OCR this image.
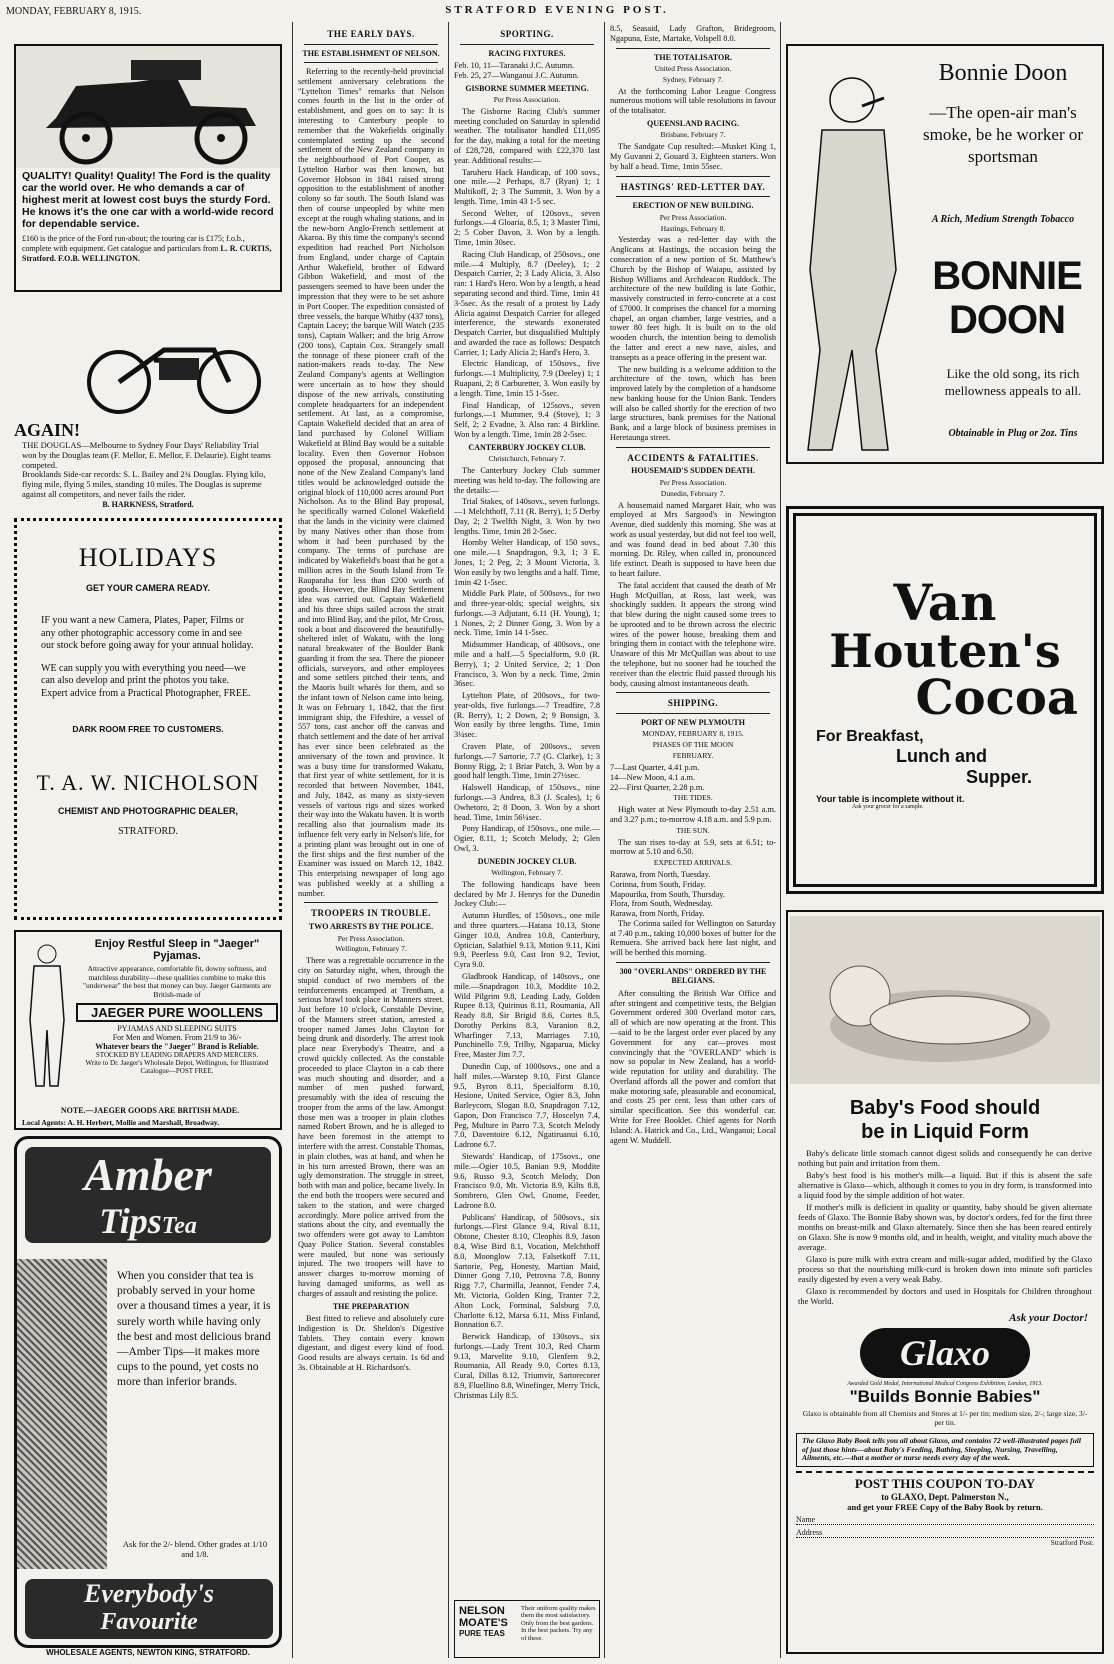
MONDAY, FEBRUARY 8, 1915.	STRATFORD EVENING POST.
QUALITY! Quality! Quality! The Ford is the quality car the world over. He who demands a car of highest merit at lowest cost buys the sturdy Ford. He knows it's the one car with a world-wide record for dependable service.
£160 is the price of the Ford run-about; the touring car is £175; f.o.b., complete with equipment. Get catalogue and particulars from L. R. CURTIS, Stratford. F.O.B. WELLINGTON.
AGAIN!
THE DOUGLAS—Melbourne to Sydney Four Days' Reliability Trial won by the Douglas team (F. Mellor, E. Mellor, F. Delaurie). Eight teams competed.
Brooklands Side-car records: S. L. Bailey and 2¾ Douglas. Flying kilo, flying mile, flying 5 miles, standing 10 miles. The Douglas is supreme against all competitors, and never fails the rider.
B. HARKNESS, Stratford.
HOLIDAYS
GET YOUR CAMERA READY.
IF you want a new Camera, Plates, Paper, Films or any other photographic accessory come in and see our stock before going away for your annual holiday.
WE can supply you with everything you need—we can also develop and print the photos you take. Expert advice from a Practical Photographer, FREE.
DARK ROOM FREE TO CUSTOMERS.
T. A. W. NICHOLSON
CHEMIST AND PHOTOGRAPHIC DEALER,
STRATFORD.
Enjoy Restful Sleep in "Jaeger" Pyjamas.
Attractive appearance, comfortable fit, downy softness, and matchless durability—these qualities combine to make this "underwear" the best that money can buy. Jaeger Garments are British-made of
JAEGER PURE WOOLLENS
PYJAMAS AND SLEEPING SUITS
For Men and Women. From 21/9 to 36/-
Whatever bears the "Jaeger" Brand is Reliable.
STOCKED BY LEADING DRAPERS AND MERCERS.
Write to Dr. Jaeger's Wholesale Depot, Wellington, for Illustrated Catalogue—POST FREE.
NOTE.—JAEGER GOODS ARE BRITISH MADE.
Local Agents: A. H. Herbert, Mollie and Marshall, Broadway.
Amber
TipsTea
When you consider that tea is probably served in your home over a thousand times a year, it is surely worth while having only the best and most delicious brand—Amber Tips—it makes more cups to the pound, yet costs no more than inferior brands.
Ask for the 2/- blend. Other grades at 1/10 and 1/8.
Everybody's
Favourite
WHOLESALE AGENTS, NEWTON KING, STRATFORD.
THE EARLY DAYS.
THE ESTABLISHMENT OF NELSON.

Referring to the recently-held provincial settlement anniversary celebrations the "Lyttelton Times" remarks that Nelson comes fourth in the list in the order of establishment, and goes on to say: It is interesting to Canterbury people to remember that the Wakefields originally contemplated setting up the second settlement of the New Zealand company in the neighbourhood of Port Cooper, as Lyttelton Harbor was then known, but Governor Hobson in 1841 raised strong opposition to the establishment of another colony so far south. The South Island was then of course unpeopled by white men except at the rough whaling stations, and in the new-born Anglo-French settlement at Akaroa. By this time the company's second expedition had reached Port Nicholson from England, under charge of Captain Arthur Wakefield, brother of Edward Gibbon Wakefield, and most of the passengers seemed to have been under the impression that they were to be set ashore in Port Cooper. The expedition consisted of three vessels, the barque Whitby (437 tons), Captain Lacey; the barque Will Watch (235 tons), Captain Walker; and the brig Arrow (200 tons), Captain Cox. Strangely small the tonnage of these pioneer craft of the nation-makers reads to-day. The New Zealand Company's agents at Wellington were uncertain as to how they should dispose of the new arrivals, constituting complete headquarters for an independent settlement. At last, as a compromise, Captain Wakefield decided that an area of land purchased by Colonel William Wakefield at Blind Bay would be a suitable locality. Even then Governor Hobson opposed the proposal, announcing that none of the New Zealand Company's land titles would be acknowledged outside the original block of 110,000 acres around Port Nicholson. As to the Blind Bay proposal, he specifically warned Colonel Wakefield that the lands in the vicinity were claimed by many Natives other than those from whom it had been purchased by the company. The terms of purchase are indicated by Wakefield's boast that he got a million acres in the South Island from Te Rauparaha for less than £200 worth of goods. However, the Blind Bay Settlement idea was carried out. Captain Wakefield and his three ships sailed across the strait and into Blind Bay, and the pilot, Mr Cross, took a boat and discovered the beautifully-sheltered inlet of Wakatu, with the long natural breakwater of the Boulder Bank guarding it from the sea. There the pioneer officials, surveyors, and other employees and some settlers pitched their tents, and the Maoris built wharés for them, and so the infant town of Nelson came into being. It was on February 1, 1842, that the first immigrant ship, the Fifeshire, a vessel of 557 tons, cast anchor off the canvas and thatch settlement and the date of her arrival has ever since been celebrated as the anniversary of the town and province. It was a busy time for transformed Wakatu, that first year of white settlement, for it is recorded that between November, 1841, and July, 1842, as many as sixty-seven vessels of various rigs and sizes worked their way into the Wakatu haven. It is worth recalling also that journalism made its influence felt very early in Nelson's life, for a printing plant was brought out in one of the first ships and the first number of the Examiner was issued on March 12, 1842. This enterprising newspaper of long ago was published weekly at a shilling a number.

TROOPERS IN TROUBLE.
TWO ARRESTS BY THE POLICE.
Per Press Association.
Wellington, February 7.

There was a regrettable occurrence in the city on Saturday night, when, through the stupid conduct of two members of the reinforcements encamped at Trentham, a serious brawl took place in Manners street. Just before 10 o'clock, Constable Devine, of the Manners street station, arrested a trooper named James John Clayton for being drunk and disorderly. The arrest took place near Everybody's Theatre, and a crowd quickly collected. As the constable proceeded to place Clayton in a cab there was much shouting and disorder, and a number of men pushed forward, presumably with the idea of rescuing the trooper from the arms of the law. Amongst those men was a trooper in plain clothes named Robert Brown, and he is alleged to have been foremost in the attempt to interfere with the arrest. Constable Thomas, in plain clothes, was at hand, and when he in his turn arrested Brown, there was an ugly demonstration. The struggle in street, both with man and police, became lively. In the end both the troopers were secured and taken to the station, and were charged accordingly. More police arrived from the stations about the city, and eventually the two offenders were got away to Lambton Quay Police Station. Several constables were mauled, but none was seriously injured. The two troopers will have to answer charges to-morrow morning of having damaged uniforms, as well as charges of assault and resisting the police.

THE PREPARATION

Best fitted to relieve and absolutely cure Indigestion is Dr. Sheldon's Digestive Tablets. They contain every known digestant, and digest every kind of food. Good results are always certain. 1s 6d and 3s. Obtainable at H. Richardson's.

SPORTING.
RACING FIXTURES.
Feb. 10, 11—Taranaki J.C. Autumn.
Feb. 25, 27—Wanganui J.C. Autumn.
GISBORNE SUMMER MEETING.
Per Press Association.

The Gisborne Racing Club's summer meeting concluded on Saturday in splendid weather. The totalisator handled £11,095 for the day, making a total for the meeting of £28,728, compared with £22,370 last year. Additional results:—

Taruheru Hack Handicap, of 100 sovs., one mile.—2 Perhaps, 8.7 (Ryan) 1; 1 Multikoff, 2; 3 The Summit, 3. Won by a length. Time, 1min 43 1-5 sec.

Second Welter, of 120sovs., seven furlongs.—4 Gloaria, 8.5, 1; 3 Master Timi, 2; 5 Cober Davon, 3. Won by a length. Time, 1min 30sec.

Racing Club Handicap, of 250sovs., one mile.—4 Multiply, 8.7 (Deeley), 1; 2 Despatch Carrier, 2; 3 Lady Alicia, 3. Also ran: 1 Hard's Hero. Won by a length, a head separating second and third. Time, 1min 41 3-5sec. As the result of a protest by Lady Alicia against Despatch Carrier for alleged interference, the stewards exonerated Despatch Carrier, but disqualified Multiply and awarded the race as follows: Despatch Carrier, 1; Lady Alicia 2; Hard's Hero, 3.

Electric Handicap, of 150sovs., five furlongs.—1 Multiplicity, 7.9 (Deeley) 1; 1 Ruapani, 2; 8 Carburetter, 3. Won easily by a length. Time, 1min 15 1-5sec.

Final Handicap, of 125sovs., seven furlongs.—1 Mummer, 9.4 (Stove), 1; 3 Self, 2; 2 Evadne, 3. Also ran: 4 Birkline. Won by a length. Time, 1min 28 2-5sec.

CANTERBURY JOCKEY CLUB.
Christchurch, February 7.

The Canterbury Jockey Club summer meeting was held to-day. The following are the details:—

Trial Stakes, of 140sovs., seven furlongs.—1 Melchthoff, 7.11 (R. Berry), 1; 5 Derby Day, 2; 2 Twelfth Night, 3. Won by two lengths. Time, 1min 28 2-5sec.

Hornby Welter Handicap, of 150 sovs., one mile.—1 Snapdragon, 9.3, 1; 3 E. Jones, 1; 2 Peg, 2; 3 Mount Victoria, 3. Won easily by two lengths and a half. Time, 1min 42 1-5sec.

Middle Park Plate, of 500sovs., for two and three-year-olds; special weights, six furlongs.—3 Adjutant, 6.11 (H. Young), 1; 1 Nones, 2; 2 Dinner Gong, 3. Won by a neck. Time, 1min 14 1-5sec.

Midsummer Handicap, of 400sovs., one mile and a half.—5 Specialform, 9.0 (R. Berry), 1; 2 United Service, 2; 1 Don Francisco, 3. Won by a neck. Time, 2min 36sec.

Lyttelton Plate, of 200sovs., for two-year-olds, five furlongs.—7 Treadfire, 7.8 (R. Berry), 1; 2 Down, 2; 9 Bonsign, 3. Won easily by three lengths. Time, 1min 3¼sec.

Craven Plate, of 200sovs., seven furlongs.—7 Sartorie, 7.7 (G. Clarke), 1; 3 Bonny Rigg, 2; 1 Briar Patch, 3. Won by a good half length. Time, 1min 27½sec.

Halswell Handicap, of 150sovs., nine furlongs.—3 Andrea, 8.3 (J. Scales), 1; 6 Owhetoro, 2; 8 Doon, 3. Won by a short head. Time, 1min 56¼sec.

Pony Handicap, of 150sovs., one mile.—Ogier, 8.11, 1; Scotch Melody, 2; Glen Owl, 3.

DUNEDIN JOCKEY CLUB.
Wellington, February 7.

The following handicaps have been declared by Mr J. Henrys for the Dunedin Jockey Club:—

Autumn Hurdles, of 150sovs., one mile and three quarters.—Hatana 10.13, Stone Ginger 10.0, Andrea 10.8, Canterbury, Optician, Salathiel 9.13, Motion 9.11, Kini 9.9, Peerless 9.0, Cast Iron 9.2, Teviot, Cyra 9.0.

Gladbrook Handicap, of 140sovs., one mile.—Snapdragon 10.3, Moddite 10.2, Wild Pilgrim 9.8, Leading Lady, Golden Rupee 8.13, Quirinus 8.11, Roumania, All Ready 8.8, Sir Brigid 8.6, Cortes 8.5, Dorothy Perkins 8.3, Varanion 8.2, Wharfinger 7.13, Marriages 7.10, Punchinello 7.9, Trilby, Ngaparua, Micky Free, Master Jim 7.7.

Dunedin Cup, of 1000sovs., one and a half miles.—Warstep 9.10, First Glance 9.5, Byron 8.11, Specialform 8.10, Hesione, United Service, Ogier 8.3, John Barleycorn, Slogan 8.0, Snapdragon 7.12, Gapon, Don Francisco 7.7, Hoscelyn 7.4, Peg, Multure in Parro 7.3, Scotch Melody 7.0, Daventoire 6.12, Ngatiruanui 6.10, Ladrone 6.7.

Stewards' Handicap, of 175sovs., one mile.—Ogier 10.5, Banian 9.9, Moddite 9.6, Russo 9.3, Scotch Melody, Don Francisco 9.0, Mt. Victoria 8.9, Kilts 8.8, Sombrero, Glen Owl, Gnome, Feeder, Ladrone 8.0.

Publicans' Handicap, of 500sovs., six furlongs.—First Glance 9.4, Rival 8.11, Obtone, Chester 8.10, Cleophis 8.9, Jason 8.4, Wise Bird 8.1, Vocation, Melchthoff 8.0, Moonglow 7.13, Falsetkoff 7.11, Sartorie, Peg, Honesty, Martian Maid, Dinner Gong 7.10, Petrovna 7.8, Bonny Rigg 7.7, Charmilla, Jeannot, Fender 7.4, Mt. Victoria, Golden King, Tranter 7.2, Alton Lock, Forminal, Salsburg 7.0, Charlotte 6.12, Marsa 6.11, Miss Finland, Bonnation 6.7.

Berwick Handicap, of 130sovs., six furlongs.—Lady Trent 10.3, Red Charm 9.13, Marvelite 9.10, Glenfern 9.2, Roumania, All Ready 9.0, Cortes 8.13, Cural, Dillas 8.12, Triumvir, Sartorecorer 8.9, Fluellino 8.8, Winefinger, Merry Trick, Christmas Lily 8.5.

NELSON
MOATE'S
PURE TEAS
Their uniform quality makes them the most satisfactory. Only from the best gardens. In the best packets. Try any of these.

8.5, Seasaid, Lady Grafton, Bridegroom, Ngapuna, Este, Martake, Volspell 8.0.

THE TOTALISATOR.
United Press Association.
Sydney, February 7.

At the forthcoming Labor League Congress numerous motions will table resolutions in favour of the totalisator.

QUEENSLAND RACING.
Brisbane, February 7.

The Sandgate Cup resulted:—Musket King 1, My Guvanni 2, Gouard 3. Eighteen starters. Won by half a head. Time, 1min 55sec.

HASTINGS' RED-LETTER DAY.
ERECTION OF NEW BUILDING.
Per Press Association.
Hastings, February 8.

Yesterday was a red-letter day with the Anglicans at Hastings, the occasion being the consecration of a new portion of St. Matthew's Church by the Bishop of Waiapu, assisted by Bishop Williams and Archdeacon Ruddock. The architecture of the new building is late Gothic, massively constructed in ferro-concrete at a cost of £7000. It comprises the chancel for a morning chapel, an organ chamber, large vestries, and a tower 80 feet high. It is built on to the old wooden church, the intention being to demolish the latter and erect a new nave, aisles, and transepts as a peace offering in the present war.

The new building is a welcome addition to the architecture of the town, which has been improved lately by the completion of a handsome new banking house for the Union Bank. Tenders will also be called shortly for the erection of two large structures, bank premises for the National Bank, and a large block of business premises in Heretaunga street.

ACCIDENTS & FATALITIES.
HOUSEMAID'S SUDDEN DEATH.
Per Press Association.
Dunedin, February 7.

A housemaid named Margaret Hair, who was employed at Mrs Sargood's in Newington Avenue, died suddenly this morning. She was at work as usual yesterday, but did not feel too well, and was found dead in bed about 7.30 this morning. Dr. Riley, when called in, pronounced life extinct. Death is supposed to have been due to heart failure.

The fatal accident that caused the death of Mr Hugh McQuillan, at Ross, last week, was shockingly sudden. It appears the strong wind that blew during the night caused some trees to be uprooted and to be thrown across the electric wires of the power house, breaking them and bringing them in contact with the telephone wire. Unaware of this Mr McQuillan was about to use the telephone, but no sooner had he touched the receiver than the electric fluid passed through his body, causing almost instantaneous death.

SHIPPING.
PORT OF NEW PLYMOUTH
MONDAY, FEBRUARY 8, 1915.
PHASES OF THE MOON
FEBRUARY.
7—Last Quarter, 4.41 p.m.
14—New Moon, 4.1 a.m.
22—First Quarter, 2.28 p.m.
THE TIDES.

High water at New Plymouth to-day 2.51 a.m. and 3.27 p.m.; to-morrow 4.18 a.m. and 5.9 p.m.

THE SUN.

The sun rises to-day at 5.9, sets at 6.51; to-morrow at 5.10 and 6.50.

EXPECTED ARRIVALS.
Rarawa, from North, Tuesday.
Corinna, from South, Friday.
Mapourika, from South, Thursday.
Flora, from South, Wednesday.
Rarawa, from North, Friday.

The Corinna sailed for Wellington on Saturday at 7.40 p.m., taking 10,000 boxes of butter for the Remuera. She arrived back here last night, and will be berthed this morning.

300 "OVERLANDS" ORDERED BY THE BELGIANS.

After consulting the British War Office and after stringent and competitive tests, the Belgian Government ordered 300 Overland motor cars, all of which are now operating at the front. This—said to be the largest order ever placed by any Government for any car—proves most convincingly that the "OVERLAND" which is now so popular in New Zealand, has a world-wide reputation for utility and durability. The Overland affords all the power and comfort that make motoring safe, pleasurable and economical, and costs 25 per cent. less than other cars of similar specification. See this wonderful car. Write for Free Booklet. Chief agents for North Island: A. Hatrick and Co., Ltd., Wanganui; Local agent W. Muddell.

Bonnie Doon
—The open-air man's smoke, be he worker or sportsman
A Rich, Medium Strength Tobacco
BONNIE
DOON
Like the old song, its rich mellowness appeals to all.
Obtainable in Plug or 2oz. Tins
Van
Houten's
Cocoa
For Breakfast,
Lunch and
Supper.
Your table is incomplete without it.
Ask your grocer for a sample.
Baby's Food should
be in Liquid Form

Baby's delicate little stomach cannot digest solids and consequently he can derive nothing but pain and irritation from them.

Baby's best food is his mother's milk—a liquid. But if this is absent the safe alternative is Glaxo—which, although it comes to you in dry form, is transformed into a liquid food by the simple addition of hot water.

If mother's milk is deficient in quality or quantity, baby should be given alternate feeds of Glaxo. The Bonnie Baby shown was, by doctor's orders, fed for the first three months on breast-milk and Glaxo alternately. Since then she has been reared entirely on Glaxo. She is now 9 months old, and in health, weight, and vitality much above the average.

Glaxo is pure milk with extra cream and milk-sugar added, modified by the Glaxo process so that the nourishing milk-curd is broken down into minute soft particles easily digested by even a very weak Baby.

Glaxo is recommended by doctors and used in Hospitals for Children throughout the World.

Ask your Doctor!
Glaxo
Awarded Gold Medal, International Medical Congress Exhibition, London, 1913.
"Builds Bonnie Babies"
Glaxo is obtainable from all Chemists and Stores at 1/- per tin; medium size, 2/-; large size, 3/- per tin.
The Glaxo Baby Book tells you all about Glaxo, and contains 72 well-illustrated pages full of just those hints—about Baby's Feeding, Bathing, Sleeping, Nursing, Travelling, Ailments, etc.—that a mother or nurse needs every day of the week.
POST THIS COUPON TO-DAY
to GLAXO, Dept. Palmerston N.,
and get your FREE Copy of the Baby Book by return.
Name
Address
Stratford Post.
